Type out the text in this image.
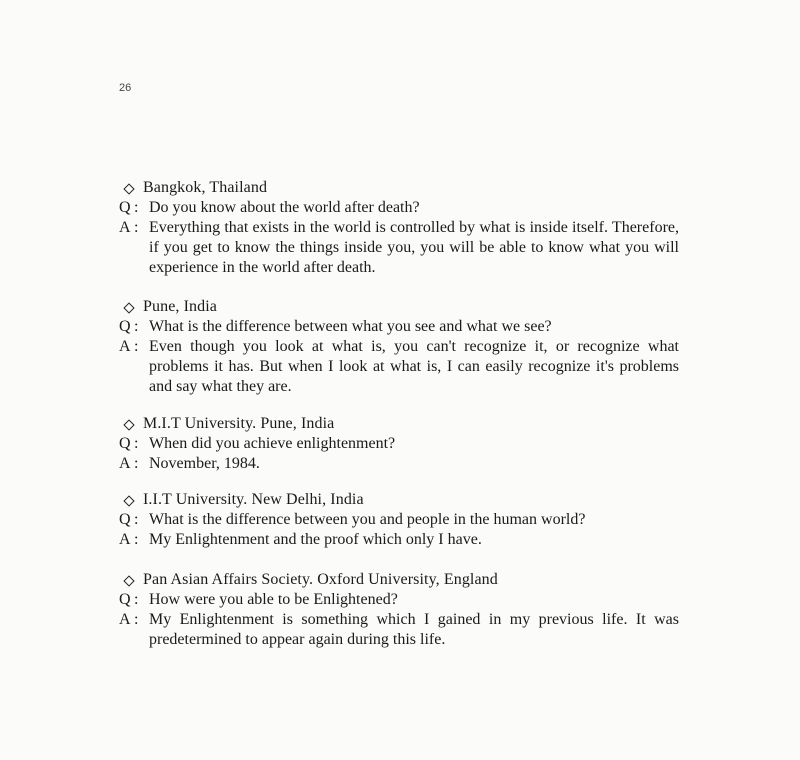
26
Bangkok, Thailand
Q : Do you know about the world after death?
A : Everything that exists in the world is controlled by what is inside itself. Therefore, if you get to know the things inside you, you will be able to know what you will experience in the world after death.
Pune, India
Q : What is the difference between what you see and what we see?
A : Even though you look at what is, you can't recognize it, or recognize what problems it has. But when I look at what is, I can easily recognize it's problems and say what they are.
M.I.T University. Pune, India
Q : When did you achieve enlightenment?
A : November, 1984.
I.I.T University. New Delhi, India
Q : What is the difference between you and people in the human world?
A : My Enlightenment and the proof which only I have.
Pan Asian Affairs Society. Oxford University, England
Q : How were you able to be Enlightened?
A : My Enlightenment is something which I gained in my previous life. It was predetermined to appear again during this life.
